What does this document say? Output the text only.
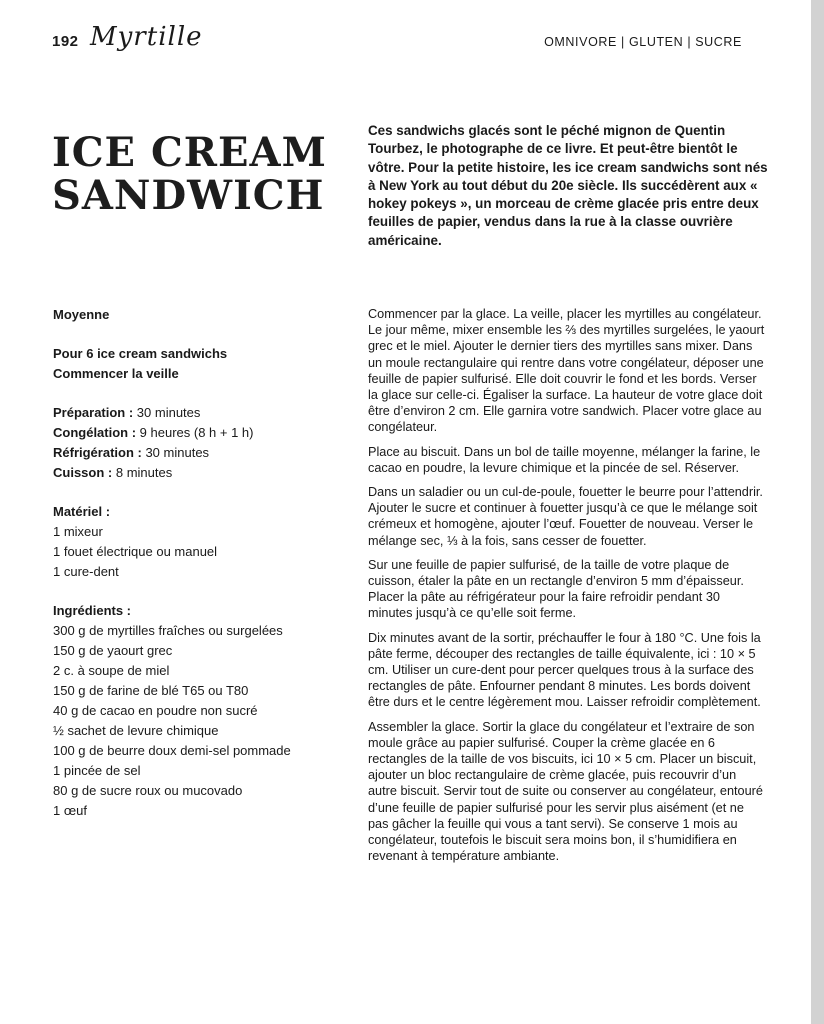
192 Myrtille	OMNIVORE | GLUTEN | SUCRE
ICE CREAM
SANDWICH
Ces sandwichs glacés sont le péché mignon de Quentin Tourbez, le photographe de ce livre. Et peut-être bientôt le vôtre. Pour la petite histoire, les ice cream sandwichs sont nés à New York au tout début du 20e siècle. Ils succédèrent aux « hokey pokeys », un morceau de crème glacée pris entre deux feuilles de papier, vendus dans la rue à la classe ouvrière américaine.
Moyenne
Pour 6 ice cream sandwichs
Commencer la veille
Préparation : 30 minutes
Congélation : 9 heures (8 h + 1 h)
Réfrigération : 30 minutes
Cuisson : 8 minutes
Matériel :
1 mixeur
1 fouet électrique ou manuel
1 cure-dent
Ingrédients :
300 g de myrtilles fraîches ou surgelées
150 g de yaourt grec
2 c. à soupe de miel
150 g de farine de blé T65 ou T80
40 g de cacao en poudre non sucré
½ sachet de levure chimique
100 g de beurre doux demi-sel pommade
1 pincée de sel
80 g de sucre roux ou mucovado
1 œuf

Commencer par la glace. La veille, placer les myrtilles au congélateur. Le jour même, mixer ensemble les ⅔ des myrtilles surgelées, le yaourt grec et le miel. Ajouter le dernier tiers des myrtilles sans mixer. Dans un moule rectangulaire qui rentre dans votre congélateur, déposer une feuille de papier sulfurisé. Elle doit couvrir le fond et les bords. Verser la glace sur celle-ci. Égaliser la surface. La hauteur de votre glace doit être d’environ 2 cm. Elle garnira votre sandwich. Placer votre glace au congélateur.

Place au biscuit. Dans un bol de taille moyenne, mélanger la farine, le cacao en poudre, la levure chimique et la pincée de sel. Réserver.

Dans un saladier ou un cul-de-poule, fouetter le beurre pour l’attendrir. Ajouter le sucre et continuer à fouetter jusqu’à ce que le mélange soit crémeux et homogène, ajouter l’œuf. Fouetter de nouveau. Verser le mélange sec, ⅓ à la fois, sans cesser de fouetter.

Sur une feuille de papier sulfurisé, de la taille de votre plaque de cuisson, étaler la pâte en un rectangle d’environ 5 mm d’épaisseur. Placer la pâte au réfrigérateur pour la faire refroidir pendant 30 minutes jusqu’à ce qu’elle soit ferme.

Dix minutes avant de la sortir, préchauffer le four à 180 °C. Une fois la pâte ferme, découper des rectangles de taille équivalente, ici : 10 × 5 cm. Utiliser un cure-dent pour percer quelques trous à la surface des rectangles de pâte. Enfourner pendant 8 minutes. Les bords doivent être durs et le centre légèrement mou. Laisser refroidir complètement.

Assembler la glace. Sortir la glace du congélateur et l’extraire de son moule grâce au papier sulfurisé. Couper la crème glacée en 6 rectangles de la taille de vos biscuits, ici 10 × 5 cm. Placer un biscuit, ajouter un bloc rectangulaire de crème glacée, puis recouvrir d’un autre biscuit. Servir tout de suite ou conserver au congélateur, entouré d’une feuille de papier sulfurisé pour les servir plus aisément (et ne pas gâcher la feuille qui vous a tant servi). Se conserve 1 mois au congélateur, toutefois le biscuit sera moins bon, il s’humidifiera en revenant à température ambiante.
